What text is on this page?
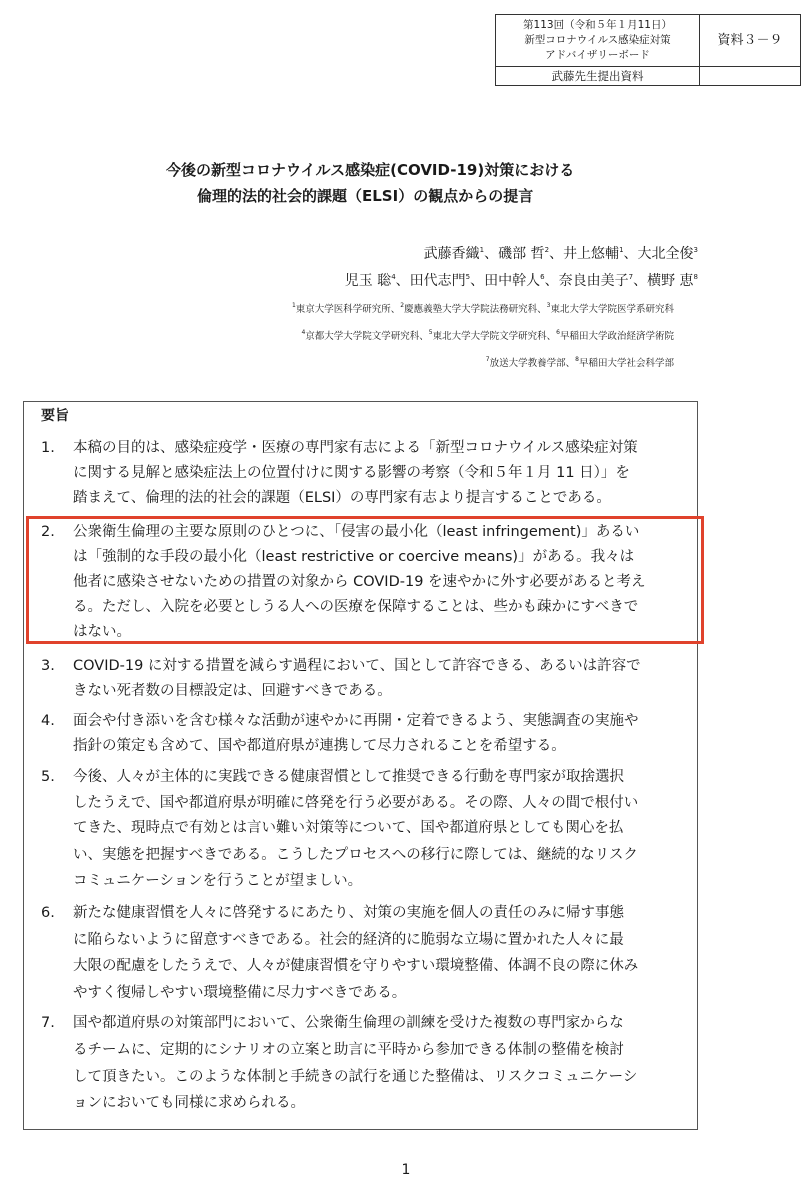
第113回（令和５年１月11日）
新型コロナウイルス感染症対策
アドバイザリーボード
資料３－９
武藤先生提出資料
今後の新型コロナウイルス感染症(COVID-19)対策における
倫理的法的社会的課題（ELSI）の観点からの提言
武藤香織$^1$、磯部 哲$^2$、井上悠輔$^1$、大北全俊$^3$
児玉 聡$^4$、田代志門$^5$、田中幹人$^6$、奈良由美子$^7$、横野 恵$^8$
$^1$東京大学医科学研究所、$^2$慶應義塾大学大学院法務研究科、$^3$東北大学大学院医学系研究科
$^4$京都大学大学院文学研究科、$^5$東北大学大学院文学研究科、$^6$早稲田大学政治経済学術院
$^7$放送大学教養学部、$^8$早稲田大学社会科学部
要旨
1. 本稿の目的は、感染症疫学・医療の専門家有志による「新型コロナウイルス感染症対策
に関する見解と感染症法上の位置付けに関する影響の考察（令和５年１月 11 日）」を
踏まえて、倫理的法的社会的課題（ELSI）の専門家有志より提言することである。
2. 公衆衛生倫理の主要な原則のひとつに、「侵害の最小化（least infringement)」あるい
は「強制的な手段の最小化（least restrictive or coercive means)」がある。我々は
他者に感染させないための措置の対象から COVID-19 を速やかに外す必要があると考え
る。ただし、入院を必要としうる人への医療を保障することは、些かも疎かにすべきで
はない。
3. COVID-19 に対する措置を減らす過程において、国として許容できる、あるいは許容で
きない死者数の目標設定は、回避すべきである。
4. 面会や付き添いを含む様々な活動が速やかに再開・定着できるよう、実態調査の実施や
指針の策定も含めて、国や都道府県が連携して尽力されることを希望する。
5. 今後、人々が主体的に実践できる健康習慣として推奨できる行動を専門家が取捨選択
したうえで、国や都道府県が明確に啓発を行う必要がある。その際、人々の間で根付い
てきた、現時点で有効とは言い難い対策等について、国や都道府県としても関心を払
い、実態を把握すべきである。こうしたプロセスへの移行に際しては、継続的なリスク
コミュニケーションを行うことが望ましい。
6. 新たな健康習慣を人々に啓発するにあたり、対策の実施を個人の責任のみに帰す事態
に陥らないように留意すべきである。社会的経済的に脆弱な立場に置かれた人々に最
大限の配慮をしたうえで、人々が健康習慣を守りやすい環境整備、体調不良の際に休み
やすく復帰しやすい環境整備に尽力すべきである。
7. 国や都道府県の対策部門において、公衆衛生倫理の訓練を受けた複数の専門家からな
るチームに、定期的にシナリオの立案と助言に平時から参加できる体制の整備を検討
して頂きたい。このような体制と手続きの試行を通じた整備は、リスクコミュニケーシ
ョンにおいても同様に求められる。
1
